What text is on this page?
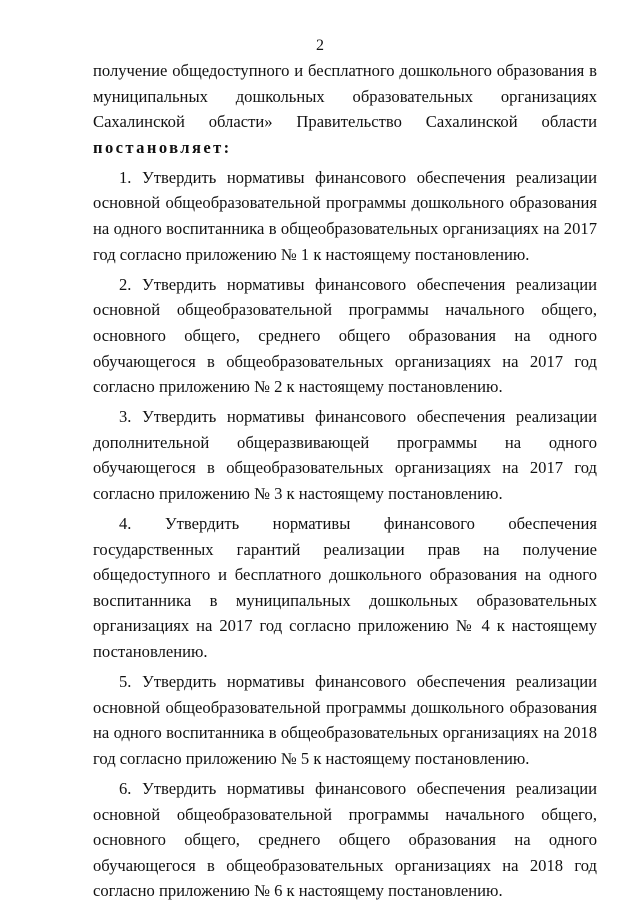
2

получение общедоступного и бесплатного дошкольного образования в муниципальных дошкольных образовательных организациях Сахалинской области» Правительство Сахалинской области постановляет:

1. Утвердить нормативы финансового обеспечения реализации основной общеобразовательной программы дошкольного образования на одного воспитанника в общеобразовательных организациях на 2017 год согласно приложению № 1 к настоящему постановлению.

2. Утвердить нормативы финансового обеспечения реализации основной общеобразовательной программы начального общего, основного общего, среднего общего образования на одного обучающегося в общеобразовательных организациях на 2017 год согласно приложению № 2 к настоящему постановлению.

3. Утвердить нормативы финансового обеспечения реализации дополнительной общеразвивающей программы на одного обучающегося в общеобразовательных организациях на 2017 год согласно приложению № 3 к настоящему постановлению.

4. Утвердить нормативы финансового обеспечения государственных гарантий реализации прав на получение общедоступного и бесплатного дошкольного образования на одного воспитанника в муниципальных дошкольных образовательных организациях на 2017 год согласно приложению № 4 к настоящему постановлению.

5. Утвердить нормативы финансового обеспечения реализации основной общеобразовательной программы дошкольного образования на одного воспитанника в общеобразовательных организациях на 2018 год согласно приложению № 5 к настоящему постановлению.

6. Утвердить нормативы финансового обеспечения реализации основной общеобразовательной программы начального общего, основного общего, среднего общего образования на одного обучающегося в общеобразовательных организациях на 2018 год согласно приложению № 6 к настоящему постановлению.
